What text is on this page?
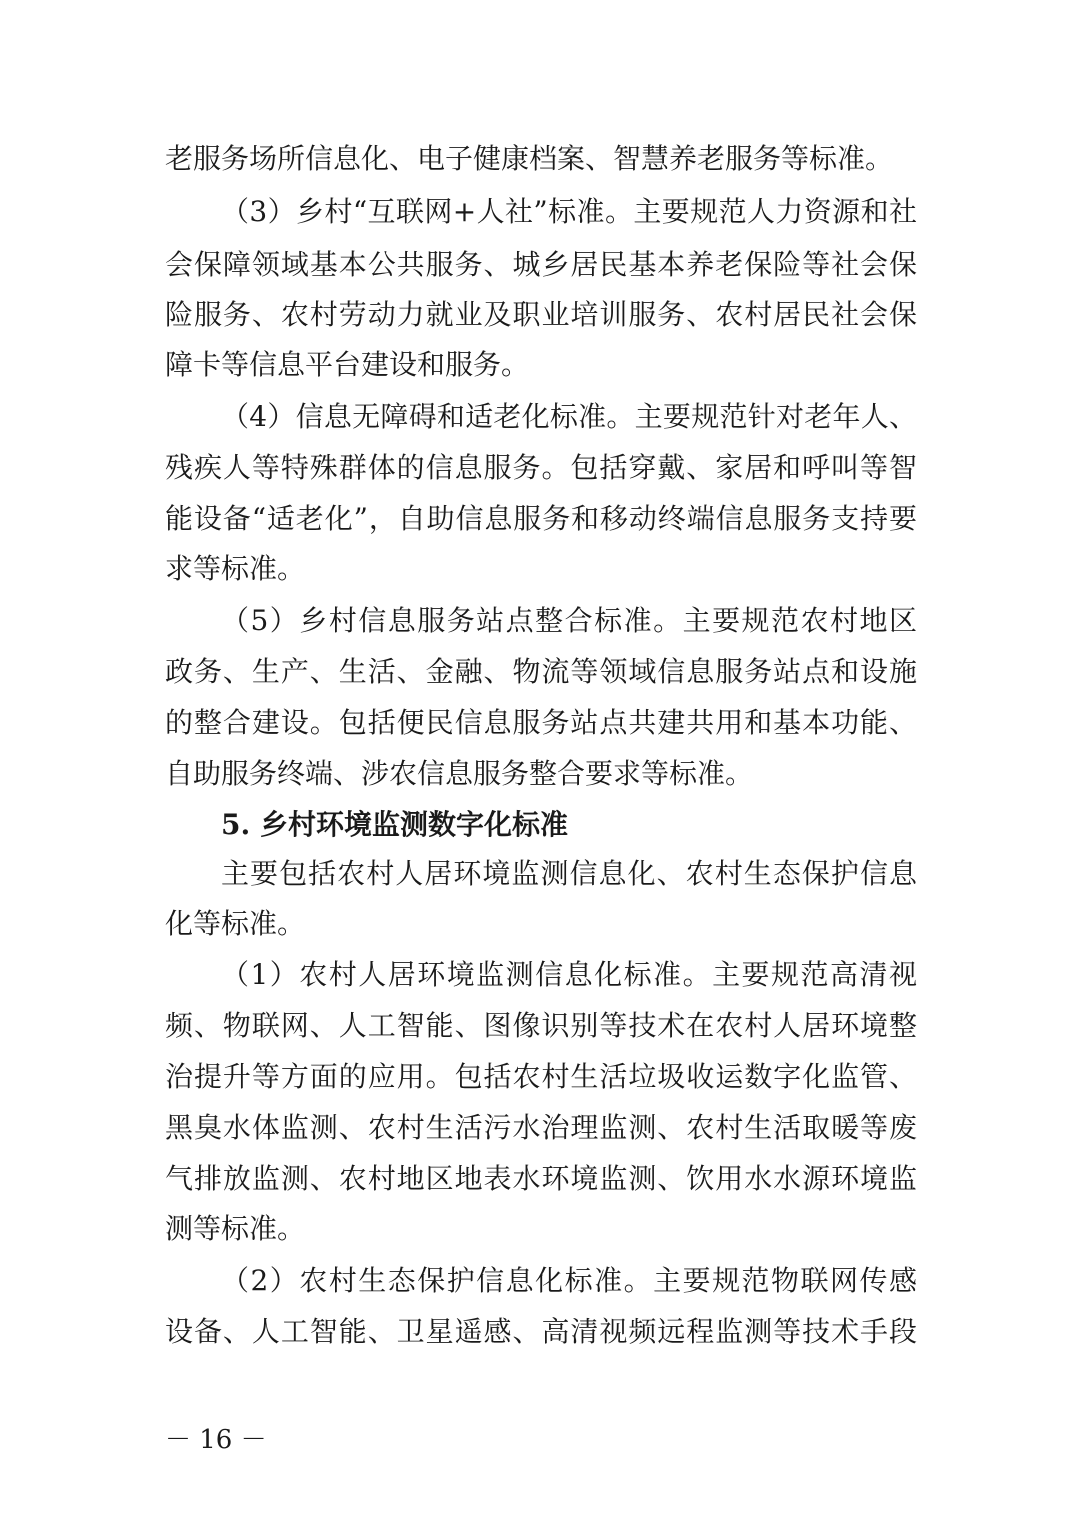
老服务场所信息化、电子健康档案、智慧养老服务等标准。
（3）乡村“互联网+人社”标准。主要规范人力资源和社
会保障领域基本公共服务、城乡居民基本养老保险等社会保
险服务、农村劳动力就业及职业培训服务、农村居民社会保
障卡等信息平台建设和服务。
（4）信息无障碍和适老化标准。主要规范针对老年人、
残疾人等特殊群体的信息服务。包括穿戴、家居和呼叫等智
能设备“适老化”，自助信息服务和移动终端信息服务支持要
求等标准。
（5）乡村信息服务站点整合标准。主要规范农村地区
政务、生产、生活、金融、物流等领域信息服务站点和设施
的整合建设。包括便民信息服务站点共建共用和基本功能、
自助服务终端、涉农信息服务整合要求等标准。
5. 乡村环境监测数字化标准
主要包括农村人居环境监测信息化、农村生态保护信息
化等标准。
（1）农村人居环境监测信息化标准。主要规范高清视
频、物联网、人工智能、图像识别等技术在农村人居环境整
治提升等方面的应用。包括农村生活垃圾收运数字化监管、
黑臭水体监测、农村生活污水治理监测、农村生活取暖等废
气排放监测、农村地区地表水环境监测、饮用水水源环境监
测等标准。
（2）农村生态保护信息化标准。主要规范物联网传感
设备、人工智能、卫星遥感、高清视频远程监测等技术手段
－ 16 －
